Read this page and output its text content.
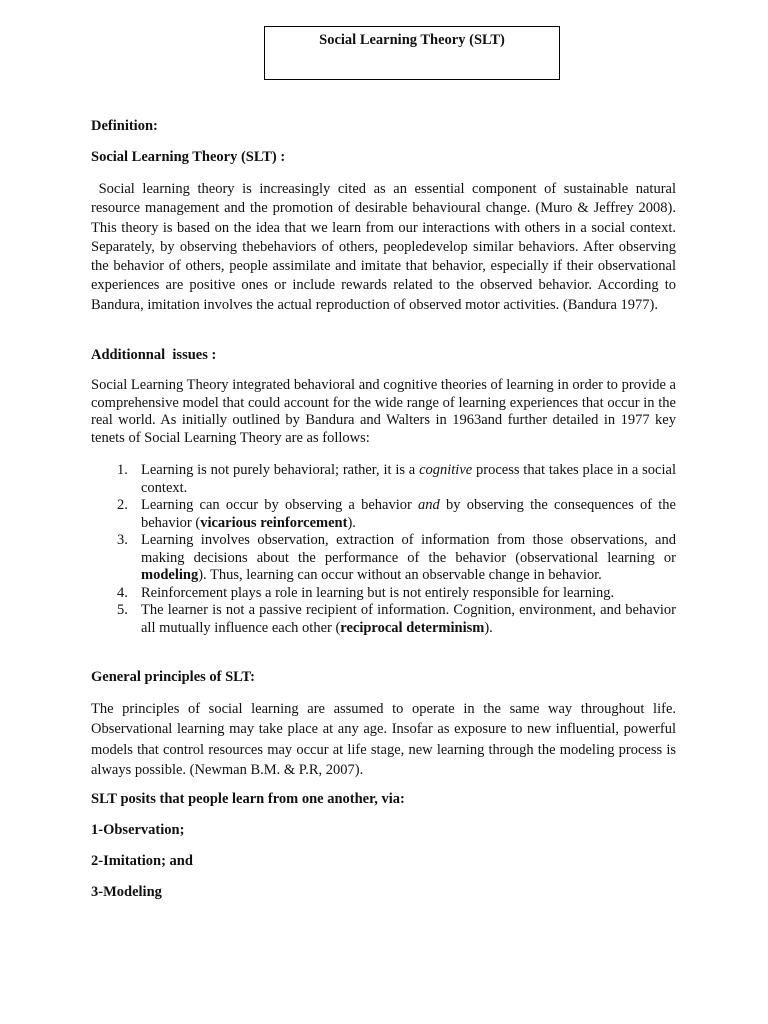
Social Learning Theory (SLT)

Definition:

Social Learning Theory (SLT) :

Social learning theory is increasingly cited as an essential component of sustainable natural resource management and the promotion of desirable behavioural change. (Muro & Jeffrey 2008). This theory is based on the idea that we learn from our interactions with others in a social context. Separately, by observing thebehaviors of others, peopledevelop similar behaviors. After observing the behavior of others, people assimilate and imitate that behavior, especially if their observational experiences are positive ones or include rewards related to the observed behavior. According to Bandura, imitation involves the actual reproduction of observed motor activities. (Bandura 1977).

Additionnal  issues :

Social Learning Theory integrated behavioral and cognitive theories of learning in order to provide a comprehensive model that could account for the wide range of learning experiences that occur in the real world. As initially outlined by Bandura and Walters in 1963and further detailed in 1977 key tenets of Social Learning Theory are as follows:

1. Learning is not purely behavioral; rather, it is a cognitive process that takes place in a social context.
2. Learning can occur by observing a behavior and by observing the consequences of the behavior (vicarious reinforcement).
3. Learning involves observation, extraction of information from those observations, and making decisions about the performance of the behavior (observational learning or modeling). Thus, learning can occur without an observable change in behavior.
4. Reinforcement plays a role in learning but is not entirely responsible for learning.
5. The learner is not a passive recipient of information. Cognition, environment, and behavior all mutually influence each other (reciprocal determinism).

General principles of SLT:

The principles of social learning are assumed to operate in the same way throughout life. Observational learning may take place at any age. Insofar as exposure to new influential, powerful models that control resources may occur at life stage, new learning through the modeling process is always possible. (Newman B.M. & P.R, 2007).

SLT posits that people learn from one another, via:

1-Observation;

2-Imitation; and

3-Modeling
